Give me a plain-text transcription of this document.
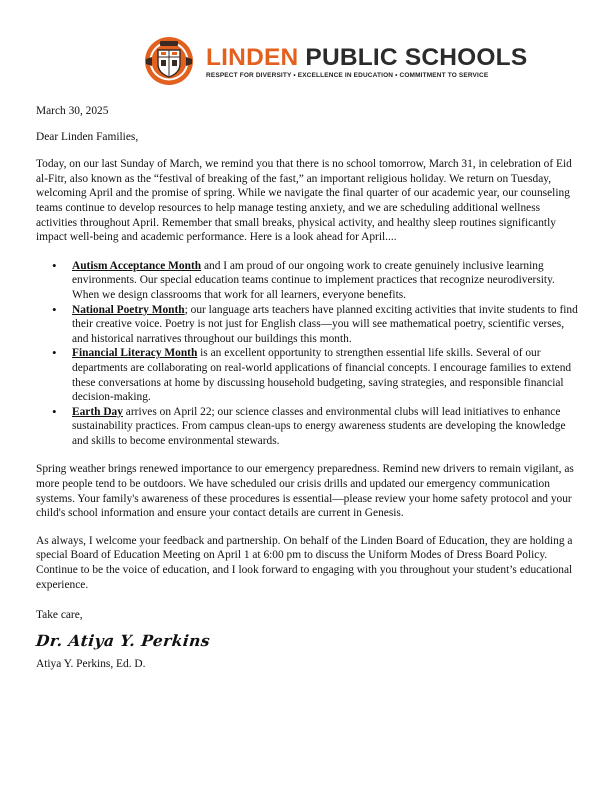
LINDEN PUBLIC SCHOOLS
RESPECT FOR DIVERSITY • EXCELLENCE IN EDUCATION • COMMITMENT TO SERVICE

March 30, 2025

Dear Linden Families,

Today, on our last Sunday of March, we remind you that there is no school tomorrow, March 31, in celebration of Eid al-Fitr, also known as the “festival of breaking of the fast,” an important religious holiday. We return on Tuesday, welcoming April and the promise of spring. While we navigate the final quarter of our academic year, our counseling teams continue to develop resources to help manage testing anxiety, and we are scheduling additional wellness activities throughout April. Remember that small breaks, physical activity, and healthy sleep routines significantly impact well-being and academic performance. Here is a look ahead for April....

• Autism Acceptance Month and I am proud of our ongoing work to create genuinely inclusive learning environments. Our special education teams continue to implement practices that recognize neurodiversity. When we design classrooms that work for all learners, everyone benefits.
• National Poetry Month; our language arts teachers have planned exciting activities that invite students to find their creative voice. Poetry is not just for English class—you will see mathematical poetry, scientific verses, and historical narratives throughout our buildings this month.
• Financial Literacy Month is an excellent opportunity to strengthen essential life skills. Several of our departments are collaborating on real-world applications of financial concepts. I encourage families to extend these conversations at home by discussing household budgeting, saving strategies, and responsible financial decision-making.
• Earth Day arrives on April 22; our science classes and environmental clubs will lead initiatives to enhance sustainability practices. From campus clean-ups to energy awareness students are developing the knowledge and skills to become environmental stewards.

Spring weather brings renewed importance to our emergency preparedness. Remind new drivers to remain vigilant, as more people tend to be outdoors. We have scheduled our crisis drills and updated our emergency communication systems. Your family's awareness of these procedures is essential—please review your home safety protocol and your child's school information and ensure your contact details are current in Genesis.

As always, I welcome your feedback and partnership. On behalf of the Linden Board of Education, they are holding a special Board of Education Meeting on April 1 at 6:00 pm to discuss the Uniform Modes of Dress Board Policy. Continue to be the voice of education, and I look forward to engaging with you throughout your student’s educational experience.

Take care,

Dr. Atiya Y. Perkins

Atiya Y. Perkins, Ed. D.
